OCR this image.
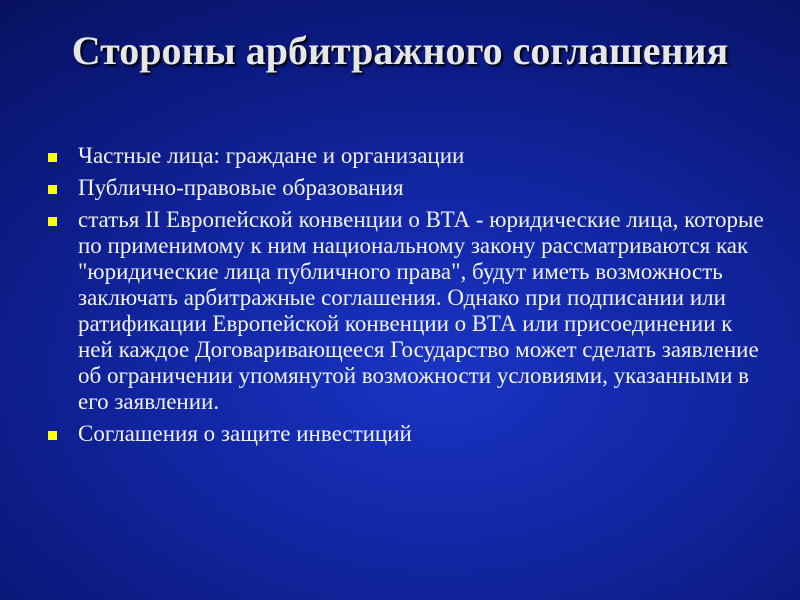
Стороны арбитражного соглашения
Частные лица: граждане и организации
Публично-правовые образования
статья II Европейской конвенции о ВТА - юридические лица, которые по применимому к ним национальному закону рассматриваются как "юридические лица публичного права", будут иметь возможность заключать арбитражные соглашения. Однако при подписании или ратификации Европейской конвенции о ВТА или присоединении к ней каждое Договаривающееся Государство может сделать заявление об ограничении упомянутой возможности условиями, указанными в его заявлении.
Соглашения о защите инвестиций
